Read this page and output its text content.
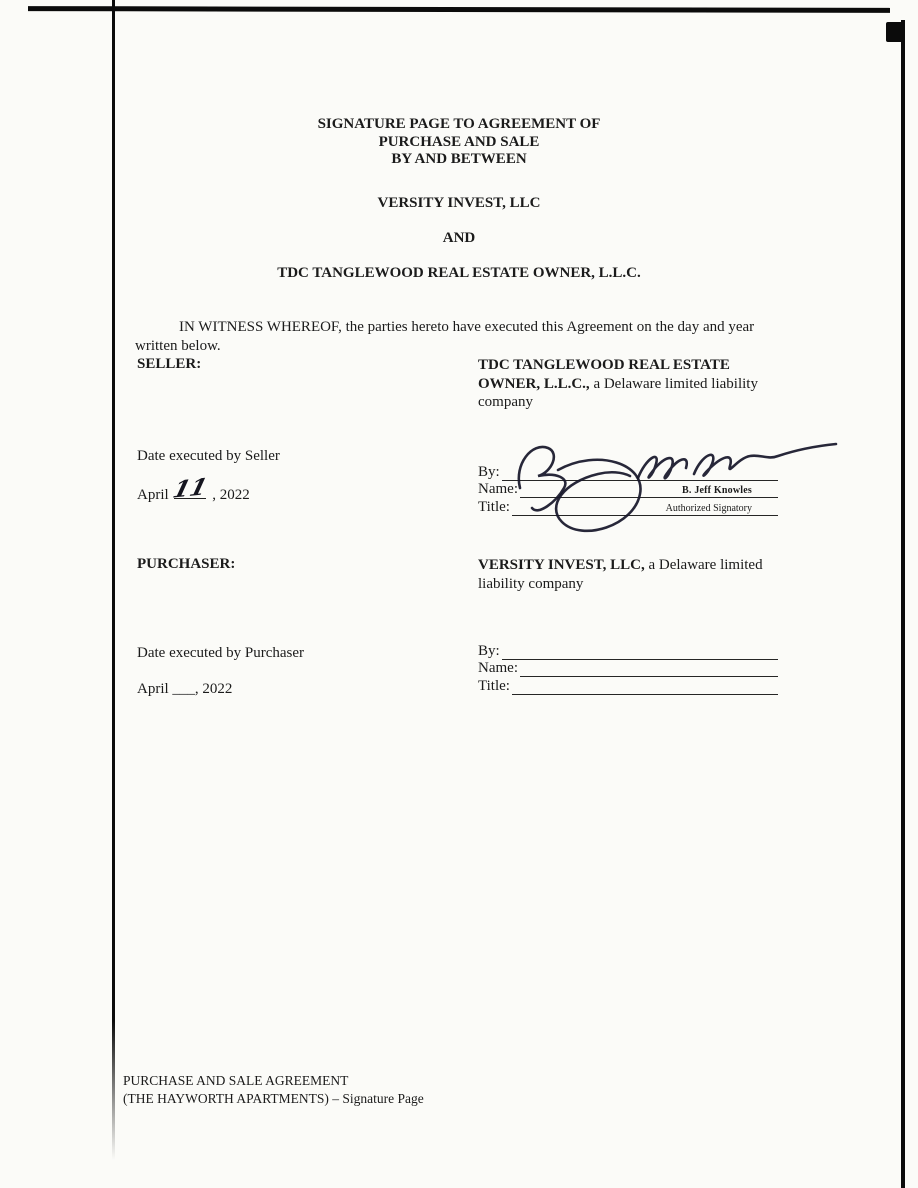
SIGNATURE PAGE TO AGREEMENT OF
PURCHASE AND SALE
BY AND BETWEEN
VERSITY INVEST, LLC
AND
TDC TANGLEWOOD REAL ESTATE OWNER, L.L.C.

IN WITNESS WHEREOF, the parties hereto have executed this Agreement on the day and year written below.

SELLER:	TDC TANGLEWOOD REAL ESTATE OWNER, L.L.C., a Delaware limited liability company
Date executed by Seller
April 11 , 2022
By:
Name:	B. Jeff Knowles
Title:	Authorized Signatory
PURCHASER:	VERSITY INVEST, LLC, a Delaware limited liability company
Date executed by Purchaser
April ___, 2022
By:
Name:
Title:
PURCHASE AND SALE AGREEMENT
(THE HAYWORTH APARTMENTS) – Signature Page
